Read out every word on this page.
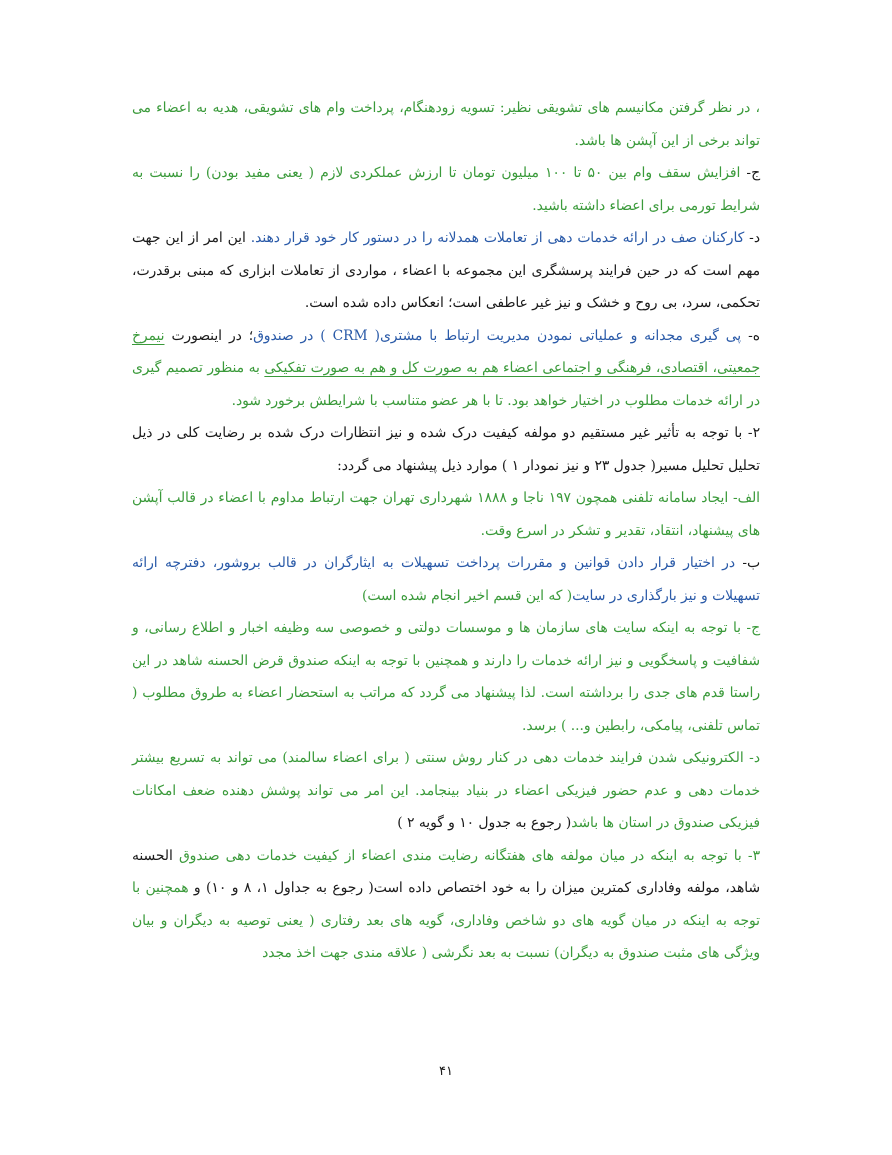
، در نظر گرفتن مکانیسم های تشویقی نظیر: تسویه زودهنگام، پرداخت وام های تشویقی، هدیه به اعضاء می تواند برخی از این آپشن ها باشد.

ج- افزایش سقف وام بین ۵۰ تا ۱۰۰ میلیون تومان تا ارزش عملکردی لازم ( یعنی مفید بودن) را نسبت به شرایط تورمی برای اعضاء داشته باشید.

د- کارکنان صف در ارائه خدمات دهی از تعاملات همدلانه را در دستور کار خود قرار دهند. این امر از این جهت مهم است که در حین فرایند پرسشگری این مجموعه با اعضاء ، مواردی از تعاملات ابزاری که مبنی برقدرت، تحکمی، سرد، بی روح و خشک و نیز غیر عاطفی است؛ انعکاس داده شده است.

ه- پی گیری مجدانه و عملیاتی نمودن مدیریت ارتباط با مشتری( CRM ) در صندوق؛ در اینصورت نیمرخ جمعیتی، اقتصادی، فرهنگی و اجتماعی اعضاء هم به صورت کل و هم به صورت تفکیکی به منظور تصمیم گیری در ارائه خدمات مطلوب در اختیار خواهد بود. تا با هر عضو متناسب با شرایطش برخورد شود.

۲- با توجه به تأثیر غیر مستقیم دو مولفه کیفیت درک شده و نیز انتظارات درک شده بر رضایت کلی در ذیل تحلیل تحلیل مسیر( جدول ۲۳ و نیز نمودار ۱ ) موارد ذیل پیشنهاد می گردد:

الف- ایجاد سامانه تلفنی همچون ۱۹۷ ناجا و ۱۸۸۸ شهرداری تهران جهت ارتباط مداوم با اعضاء در قالب آپشن های پیشنهاد، انتقاد، تقدیر و تشکر در اسرع وقت.

ب- در اختیار قرار دادن قوانین و مقررات پرداخت تسهیلات به ایثارگران در قالب بروشور، دفترچه ارائه تسهیلات و نیز بارگذاری در سایت( که این قسم اخیر انجام شده است)

ج- با توجه به اینکه سایت های سازمان ها و موسسات دولتی و خصوصی سه وظیفه اخبار و اطلاع رسانی، و شفافیت و پاسخگویی و نیز ارائه خدمات را دارند و همچنین با توجه به اینکه صندوق قرض الحسنه شاهد در این راستا قدم های جدی را برداشته است. لذا پیشنهاد می گردد که مراتب به استحضار اعضاء به طروق مطلوب ( تماس تلفنی، پیامکی، رابطین و... ) برسد.

د- الکترونیکی شدن فرایند خدمات دهی در کنار روش سنتی ( برای اعضاء سالمند) می تواند به تسریع بیشتر خدمات دهی و عدم حضور فیزیکی اعضاء در بنیاد بینجامد. این امر می تواند پوشش دهنده ضعف امکانات فیزیکی صندوق در استان ها باشد( رجوع به جدول ۱۰ و گویه ۲ )

۳- با توجه به اینکه در میان مولفه های هفتگانه رضایت مندی اعضاء از کیفیت خدمات دهی صندوق الحسنه شاهد، مولفه وفاداری کمترین میزان را به خود اختصاص داده است( رجوع به جداول ۱، ۸ و ۱۰) و همچنین با توجه به اینکه در میان گویه های دو شاخص وفاداری، گویه های بعد رفتاری ( یعنی توصیه به دیگران و بیان ویژگی های مثبت صندوق به دیگران) نسبت به بعد نگرشی ( علاقه مندی جهت اخذ مجدد

۴۱
